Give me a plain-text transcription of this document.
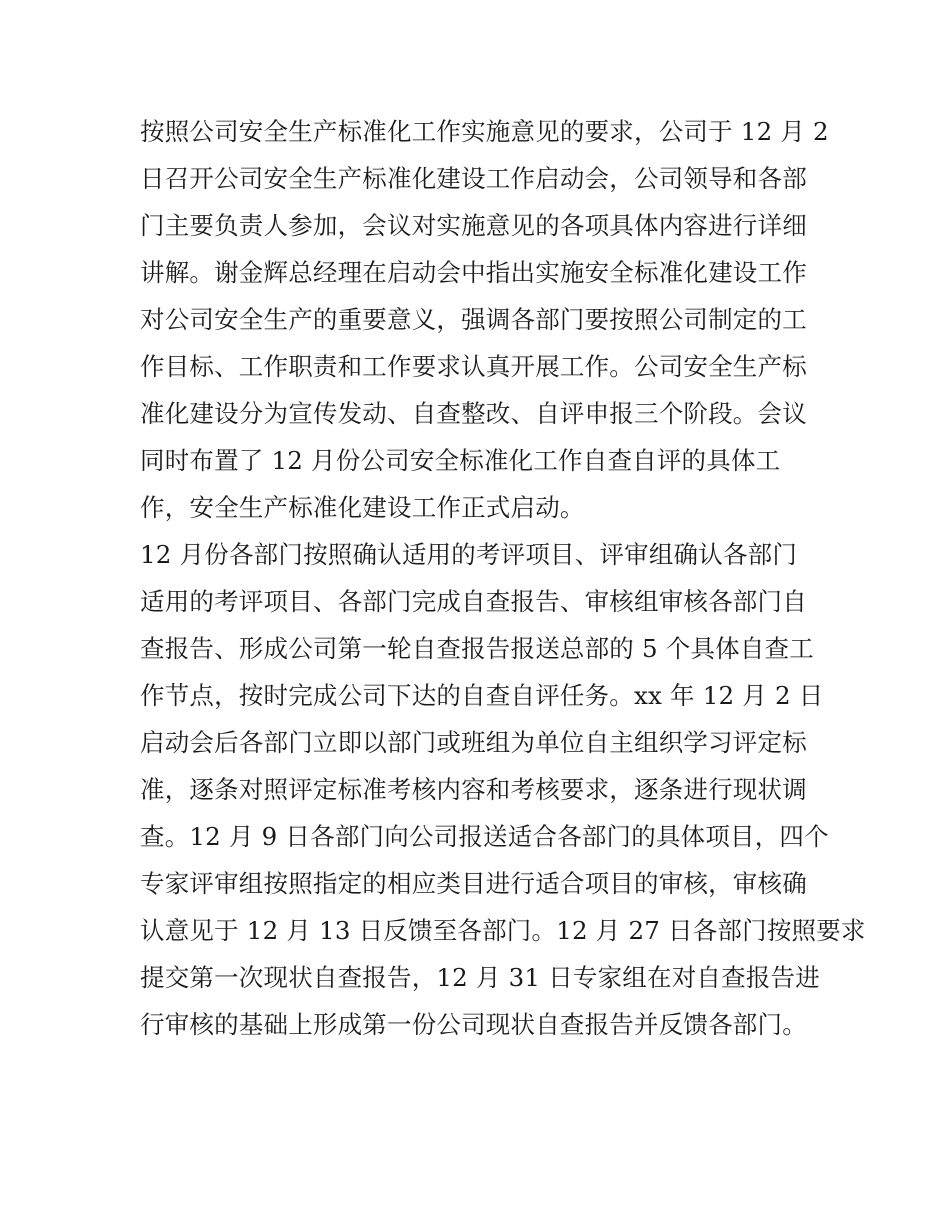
按照公司安全生产标准化工作实施意见的要求，公司于 12 月 2
日召开公司安全生产标准化建设工作启动会，公司领导和各部
门主要负责人参加，会议对实施意见的各项具体内容进行详细
讲解。谢金辉总经理在启动会中指出实施安全标准化建设工作
对公司安全生产的重要意义，强调各部门要按照公司制定的工
作目标、工作职责和工作要求认真开展工作。公司安全生产标
准化建设分为宣传发动、自查整改、自评申报三个阶段。会议
同时布置了 12 月份公司安全标准化工作自查自评的具体工
作，安全生产标准化建设工作正式启动。
12 月份各部门按照确认适用的考评项目、评审组确认各部门
适用的考评项目、各部门完成自查报告、审核组审核各部门自
查报告、形成公司第一轮自查报告报送总部的 5 个具体自查工
作节点，按时完成公司下达的自查自评任务。xx 年 12 月 2 日
启动会后各部门立即以部门或班组为单位自主组织学习评定标
准，逐条对照评定标准考核内容和考核要求，逐条进行现状调
查。12 月 9 日各部门向公司报送适合各部门的具体项目，四个
专家评审组按照指定的相应类目进行适合项目的审核，审核确
认意见于 12 月 13 日反馈至各部门。12 月 27 日各部门按照要求
提交第一次现状自查报告，12 月 31 日专家组在对自查报告进
行审核的基础上形成第一份公司现状自查报告并反馈各部门。
